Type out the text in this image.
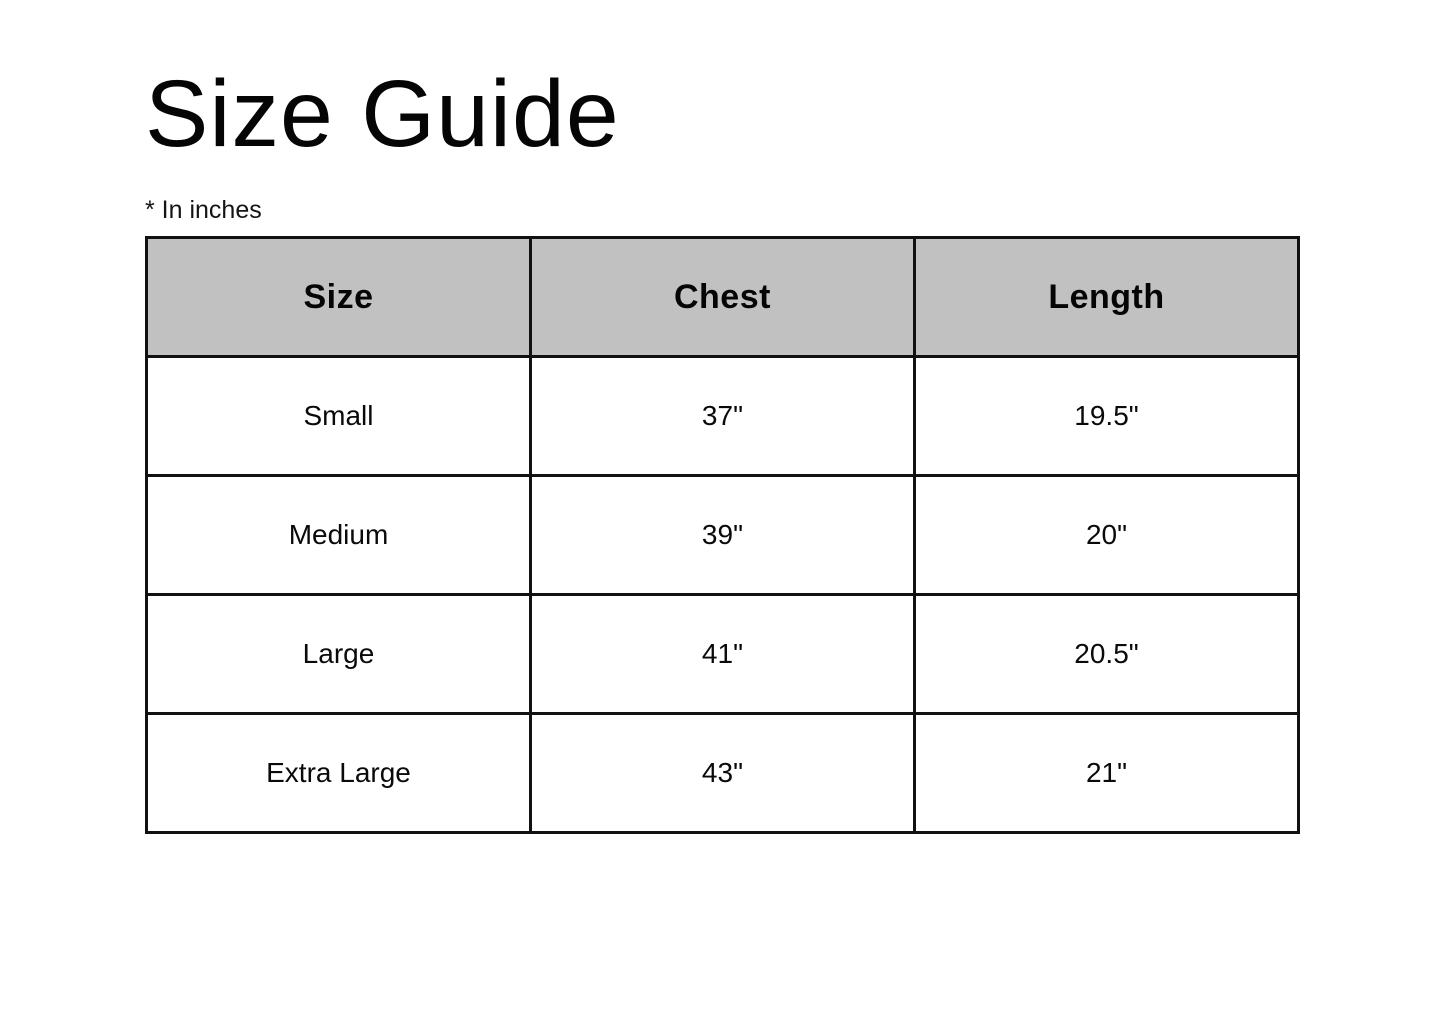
Size Guide
* In inches
Size	Chest	Length
Small	37"	19.5"
Medium	39"	20"
Large	41"	20.5"
Extra Large	43"	21"
